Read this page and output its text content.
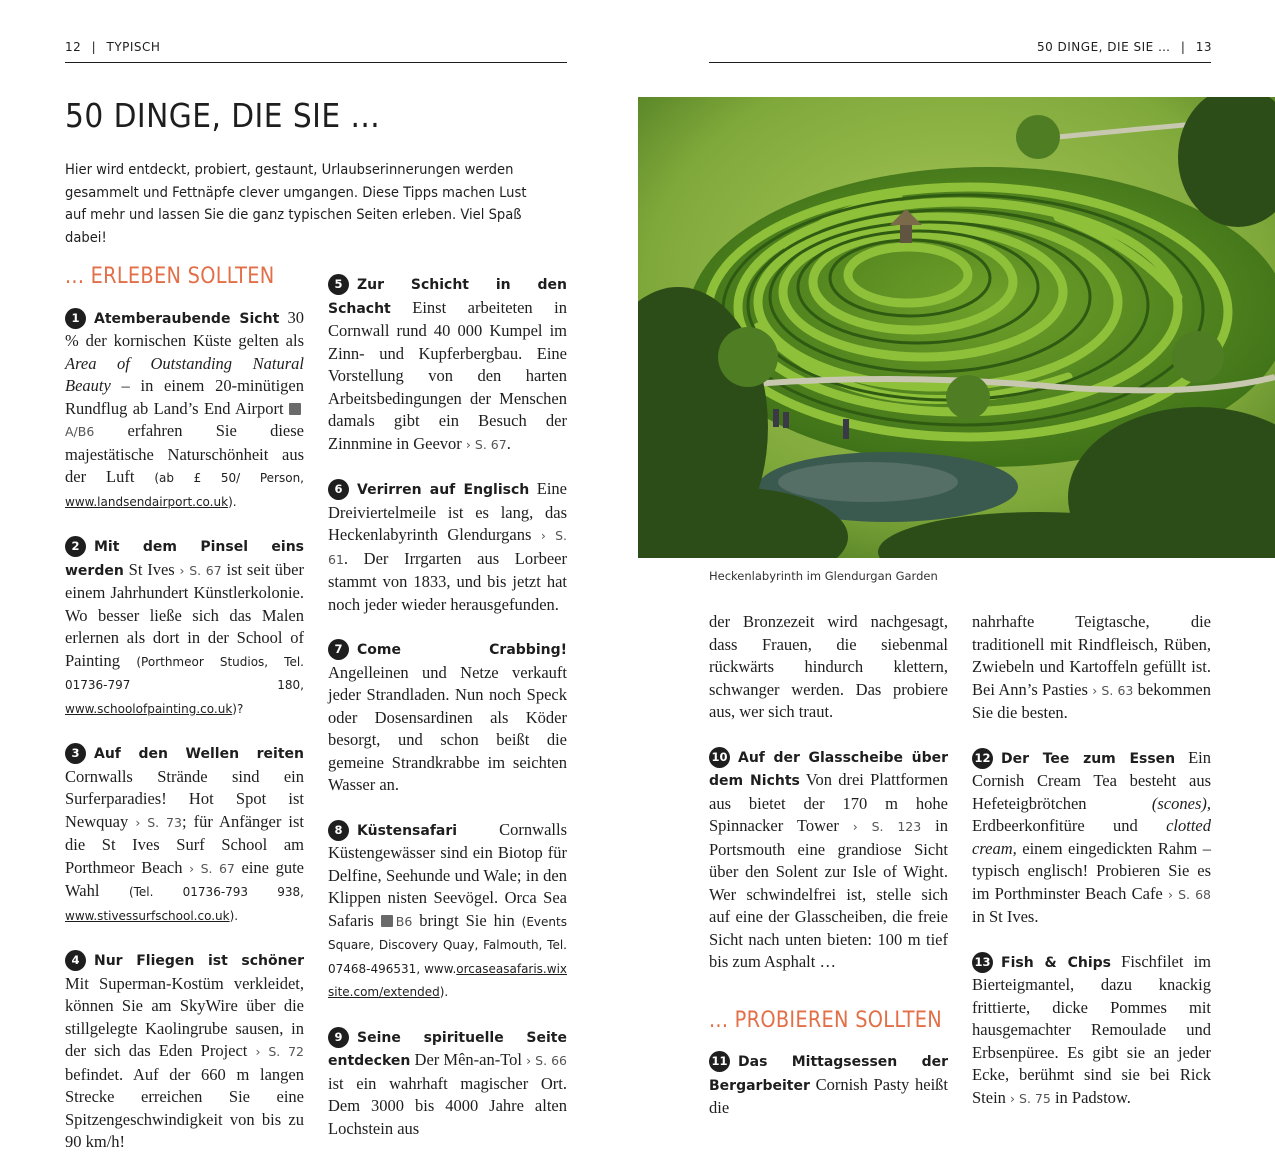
12 | TYPISCH	50 DINGE, DIE SIE … | 13
50 DINGE, DIE SIE ...
Hier wird entdeckt, probiert, gestaunt, Urlaubserinnerungen werden gesammelt und Fettnäpfe clever umgangen. Diese Tipps machen Lust auf mehr und lassen Sie die ganz typischen Seiten erleben. Viel Spaß dabei!
... ERLEBEN SOLLTEN

1 Atemberaubende Sicht 30 % der kornischen Küste gelten als Area of Outstanding Natural Beauty – in einem 20-minütigen Rundflug ab Land’s End Airport A/B6 erfahren Sie diese majestätische Naturschönheit aus der Luft (ab £ 50/ Person, www.landsendairport.co.uk).

2 Mit dem Pinsel eins werden St Ives › S. 67 ist seit über einem Jahrhundert Künstlerkolonie. Wo besser ließe sich das Malen erlernen als dort in der School of Painting (Porthmeor Studios, Tel. 01736-797 180, www.schoolofpainting.co.uk)?

3 Auf den Wellen reiten Cornwalls Strände sind ein Surferparadies! Hot Spot ist Newquay › S. 73; für Anfänger ist die St Ives Surf School am Porthmeor Beach › S. 67 eine gute Wahl (Tel. 01736-793 938, www.stivessurfschool.co.uk).

4 Nur Fliegen ist schöner Mit Superman-Kostüm verkleidet, können Sie am SkyWire über die stillgelegte Kaolingrube sausen, in der sich das Eden Project › S. 72 befindet. Auf der 660 m langen Strecke erreichen Sie eine Spitzengeschwindigkeit von bis zu 90 km/h!

5 Zur Schicht in den Schacht Einst arbeiteten in Cornwall rund 40 000 Kumpel im Zinn- und Kupferbergbau. Eine Vorstellung von den harten Arbeitsbedingungen der Menschen damals gibt ein Besuch der Zinnmine in Geevor › S. 67.

6 Verirren auf Englisch Eine Dreiviertelmeile ist es lang, das Heckenlabyrinth Glendurgans › S. 61. Der Irrgarten aus Lorbeer stammt von 1833, und bis jetzt hat noch jeder wieder herausgefunden.

7 Come Crabbing! Angelleinen und Netze verkauft jeder Strandladen. Nun noch Speck oder Dosensardinen als Köder besorgt, und schon beißt die gemeine Strandkrabbe im seichten Wasser an.

8 Küstensafari Cornwalls Küstengewässer sind ein Biotop für Delfine, Seehunde und Wale; in den Klippen nisten Seevögel. Orca Sea Safaris B6 bringt Sie hin (Events Square, Discovery Quay, Falmouth, Tel. 07468-496531, www.orcaseasafaris.wixsite.com/extended).

9 Seine spirituelle Seite entdecken Der Mên-an-Tol › S. 66 ist ein wahrhaft magischer Ort. Dem 3000 bis 4000 Jahre alten Lochstein aus

Heckenlabyrinth im Glendurgan Garden

der Bronzezeit wird nachgesagt, dass Frauen, die siebenmal rückwärts hindurch klettern, schwanger werden. Das probiere aus, wer sich traut.

10 Auf der Glasscheibe über dem Nichts Von drei Plattformen aus bietet der 170 m hohe Spinnacker Tower › S. 123 in Portsmouth eine grandiose Sicht über den Solent zur Isle of Wight. Wer schwindelfrei ist, stelle sich auf eine der Glasscheiben, die freie Sicht nach unten bieten: 100 m tief bis zum Asphalt …

... PROBIEREN SOLLTEN

11 Das Mittagsessen der Bergarbeiter Cornish Pasty heißt die

nahrhafte Teigtasche, die traditionell mit Rindfleisch, Rüben, Zwiebeln und Kartoffeln gefüllt ist. Bei Ann’s Pasties › S. 63 bekommen Sie die besten.

12 Der Tee zum Essen Ein Cornish Cream Tea besteht aus Hefeteigbrötchen (scones), Erdbeerkonfitüre und clotted cream, einem eingedickten Rahm – typisch englisch! Probieren Sie es im Porthminster Beach Cafe › S. 68 in St Ives.

13 Fish & Chips Fischfilet im Bierteigmantel, dazu knackig frittierte, dicke Pommes mit hausgemachter Remoulade und Erbsenpüree. Es gibt sie an jeder Ecke, berühmt sind sie bei Rick Stein › S. 75 in Padstow.
